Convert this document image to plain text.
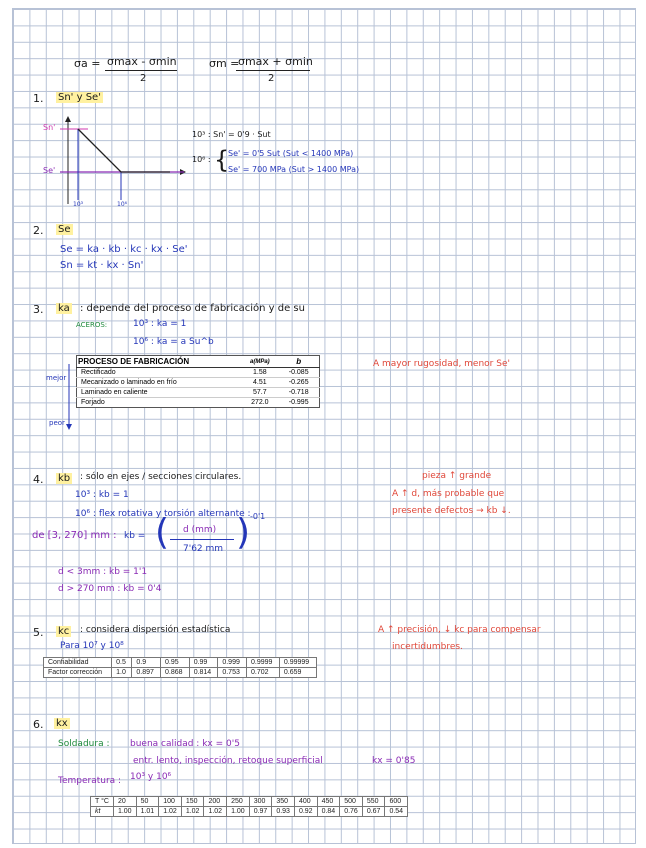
σa = σmax - σmin
2
σm =
σmax + σmin
2
1. Sn' y Se'
Sn'
Se'
10³	10⁶
10³ : Sn' = 0'9 · Sut
10⁶ : {
Se' = 0'5 Sut (Sut < 1400 MPa)
Se' = 700 MPa (Sut > 1400 MPa)
2. Se
Se = ka · kb · kc · kx · Se'
Sn = kt · kx · Sn'
3. ka : depende del proceso de fabricación y de su
ACEROS:	10³ : ka = 1
10⁶ : ka = a Su^b
mejor
peor
PROCESO DE FABRICACIÓN	a(MPa)	b
Rectificado	1.58	-0.085
Mecanizado o laminado en frío	4.51	-0.265
Laminado en caliente	57.7	-0.718
Forjado	272.0	-0.995
A mayor rugosidad, menor Se'
4. kb : sólo en ejes / secciones circulares.
10³ : kb = 1
10⁶ : flex rotativa y torsión alternante :
de [3, 270] mm : kb = ( d (mm)
7'62 mm ) -0'1
d < 3mm : kb = 1'1
d > 270 mm : kb = 0'4
pieza ↑ grande
A ↑ d, más probable que
presente defectos → kb ↓.
5. kc : considera dispersión estadística
Para 10⁷ y 10⁸
Confiabilidad	0.5	0.9	0.95	0.99	0.999	0.9999	0.99999
Factor corrección	1.0	0.897	0.868	0.814	0.753	0.702	0.659
A ↑ precisión, ↓ kc para compensar
incertidumbres.
6. kx
Soldadura : buena calidad : kx = 0'5
entr. lento, inspección, retoque superficial	kx = 0'85
Temperatura : 10³ y 10⁶
T °C	20	50	100	150	200	250	300	350	400	450	500	550	600
kt	1.00	1.01	1.02	1.02	1.02	1.00	0.97	0.93	0.92	0.84	0.76	0.67	0.54
